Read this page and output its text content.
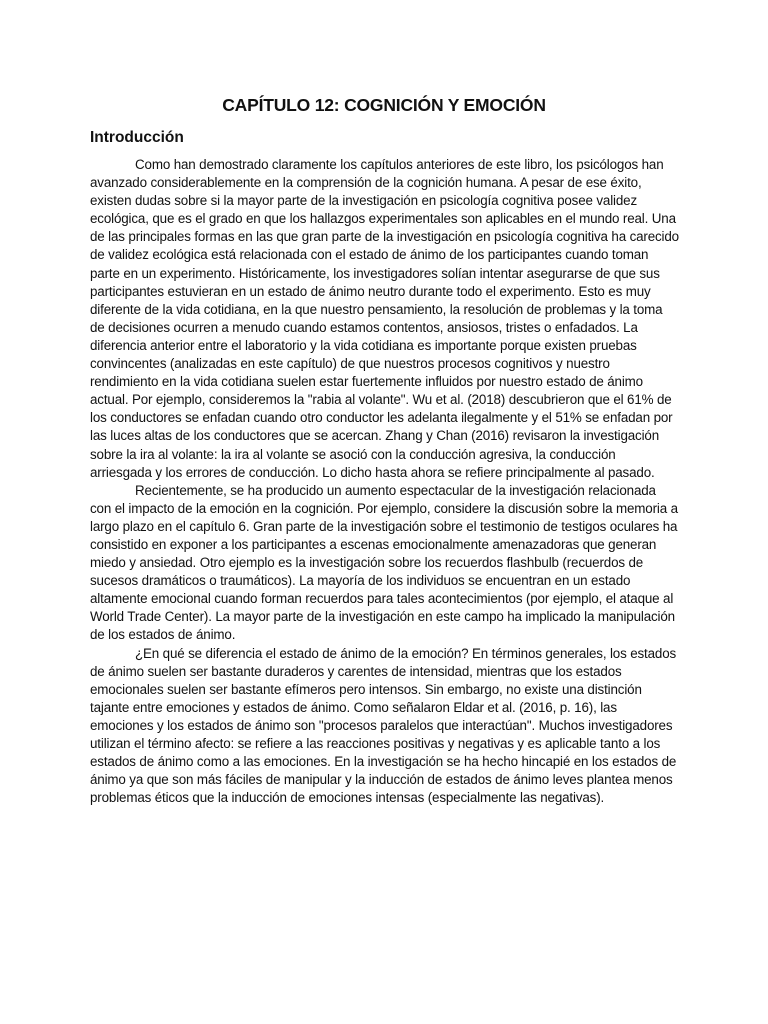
CAPÍTULO 12: COGNICIÓN Y EMOCIÓN
Introducción

Como han demostrado claramente los capítulos anteriores de este libro, los psicólogos han avanzado considerablemente en la comprensión de la cognición humana. A pesar de ese éxito, existen dudas sobre si la mayor parte de la investigación en psicología cognitiva posee validez ecológica, que es el grado en que los hallazgos experimentales son aplicables en el mundo real. Una de las principales formas en las que gran parte de la investigación en psicología cognitiva ha carecido de validez ecológica está relacionada con el estado de ánimo de los participantes cuando toman parte en un experimento. Históricamente, los investigadores solían intentar asegurarse de que sus participantes estuvieran en un estado de ánimo neutro durante todo el experimento. Esto es muy diferente de la vida cotidiana, en la que nuestro pensamiento, la resolución de problemas y la toma de decisiones ocurren a menudo cuando estamos contentos, ansiosos, tristes o enfadados. La diferencia anterior entre el laboratorio y la vida cotidiana es importante porque existen pruebas convincentes (analizadas en este capítulo) de que nuestros procesos cognitivos y nuestro rendimiento en la vida cotidiana suelen estar fuertemente influidos por nuestro estado de ánimo actual. Por ejemplo, consideremos la "rabia al volante". Wu et al. (2018) descubrieron que el 61% de los conductores se enfadan cuando otro conductor les adelanta ilegalmente y el 51% se enfadan por las luces altas de los conductores que se acercan. Zhang y Chan (2016) revisaron la investigación sobre la ira al volante: la ira al volante se asoció con la conducción agresiva, la conducción arriesgada y los errores de conducción. Lo dicho hasta ahora se refiere principalmente al pasado.

Recientemente, se ha producido un aumento espectacular de la investigación relacionada con el impacto de la emoción en la cognición. Por ejemplo, considere la discusión sobre la memoria a largo plazo en el capítulo 6. Gran parte de la investigación sobre el testimonio de testigos oculares ha consistido en exponer a los participantes a escenas emocionalmente amenazadoras que generan miedo y ansiedad. Otro ejemplo es la investigación sobre los recuerdos flashbulb (recuerdos de sucesos dramáticos o traumáticos). La mayoría de los individuos se encuentran en un estado altamente emocional cuando forman recuerdos para tales acontecimientos (por ejemplo, el ataque al World Trade Center). La mayor parte de la investigación en este campo ha implicado la manipulación de los estados de ánimo.

¿En qué se diferencia el estado de ánimo de la emoción? En términos generales, los estados de ánimo suelen ser bastante duraderos y carentes de intensidad, mientras que los estados emocionales suelen ser bastante efímeros pero intensos. Sin embargo, no existe una distinción tajante entre emociones y estados de ánimo. Como señalaron Eldar et al. (2016, p. 16), las emociones y los estados de ánimo son "procesos paralelos que interactúan". Muchos investigadores utilizan el término afecto: se refiere a las reacciones positivas y negativas y es aplicable tanto a los estados de ánimo como a las emociones. En la investigación se ha hecho hincapié en los estados de ánimo ya que son más fáciles de manipular y la inducción de estados de ánimo leves plantea menos problemas éticos que la inducción de emociones intensas (especialmente las negativas).
